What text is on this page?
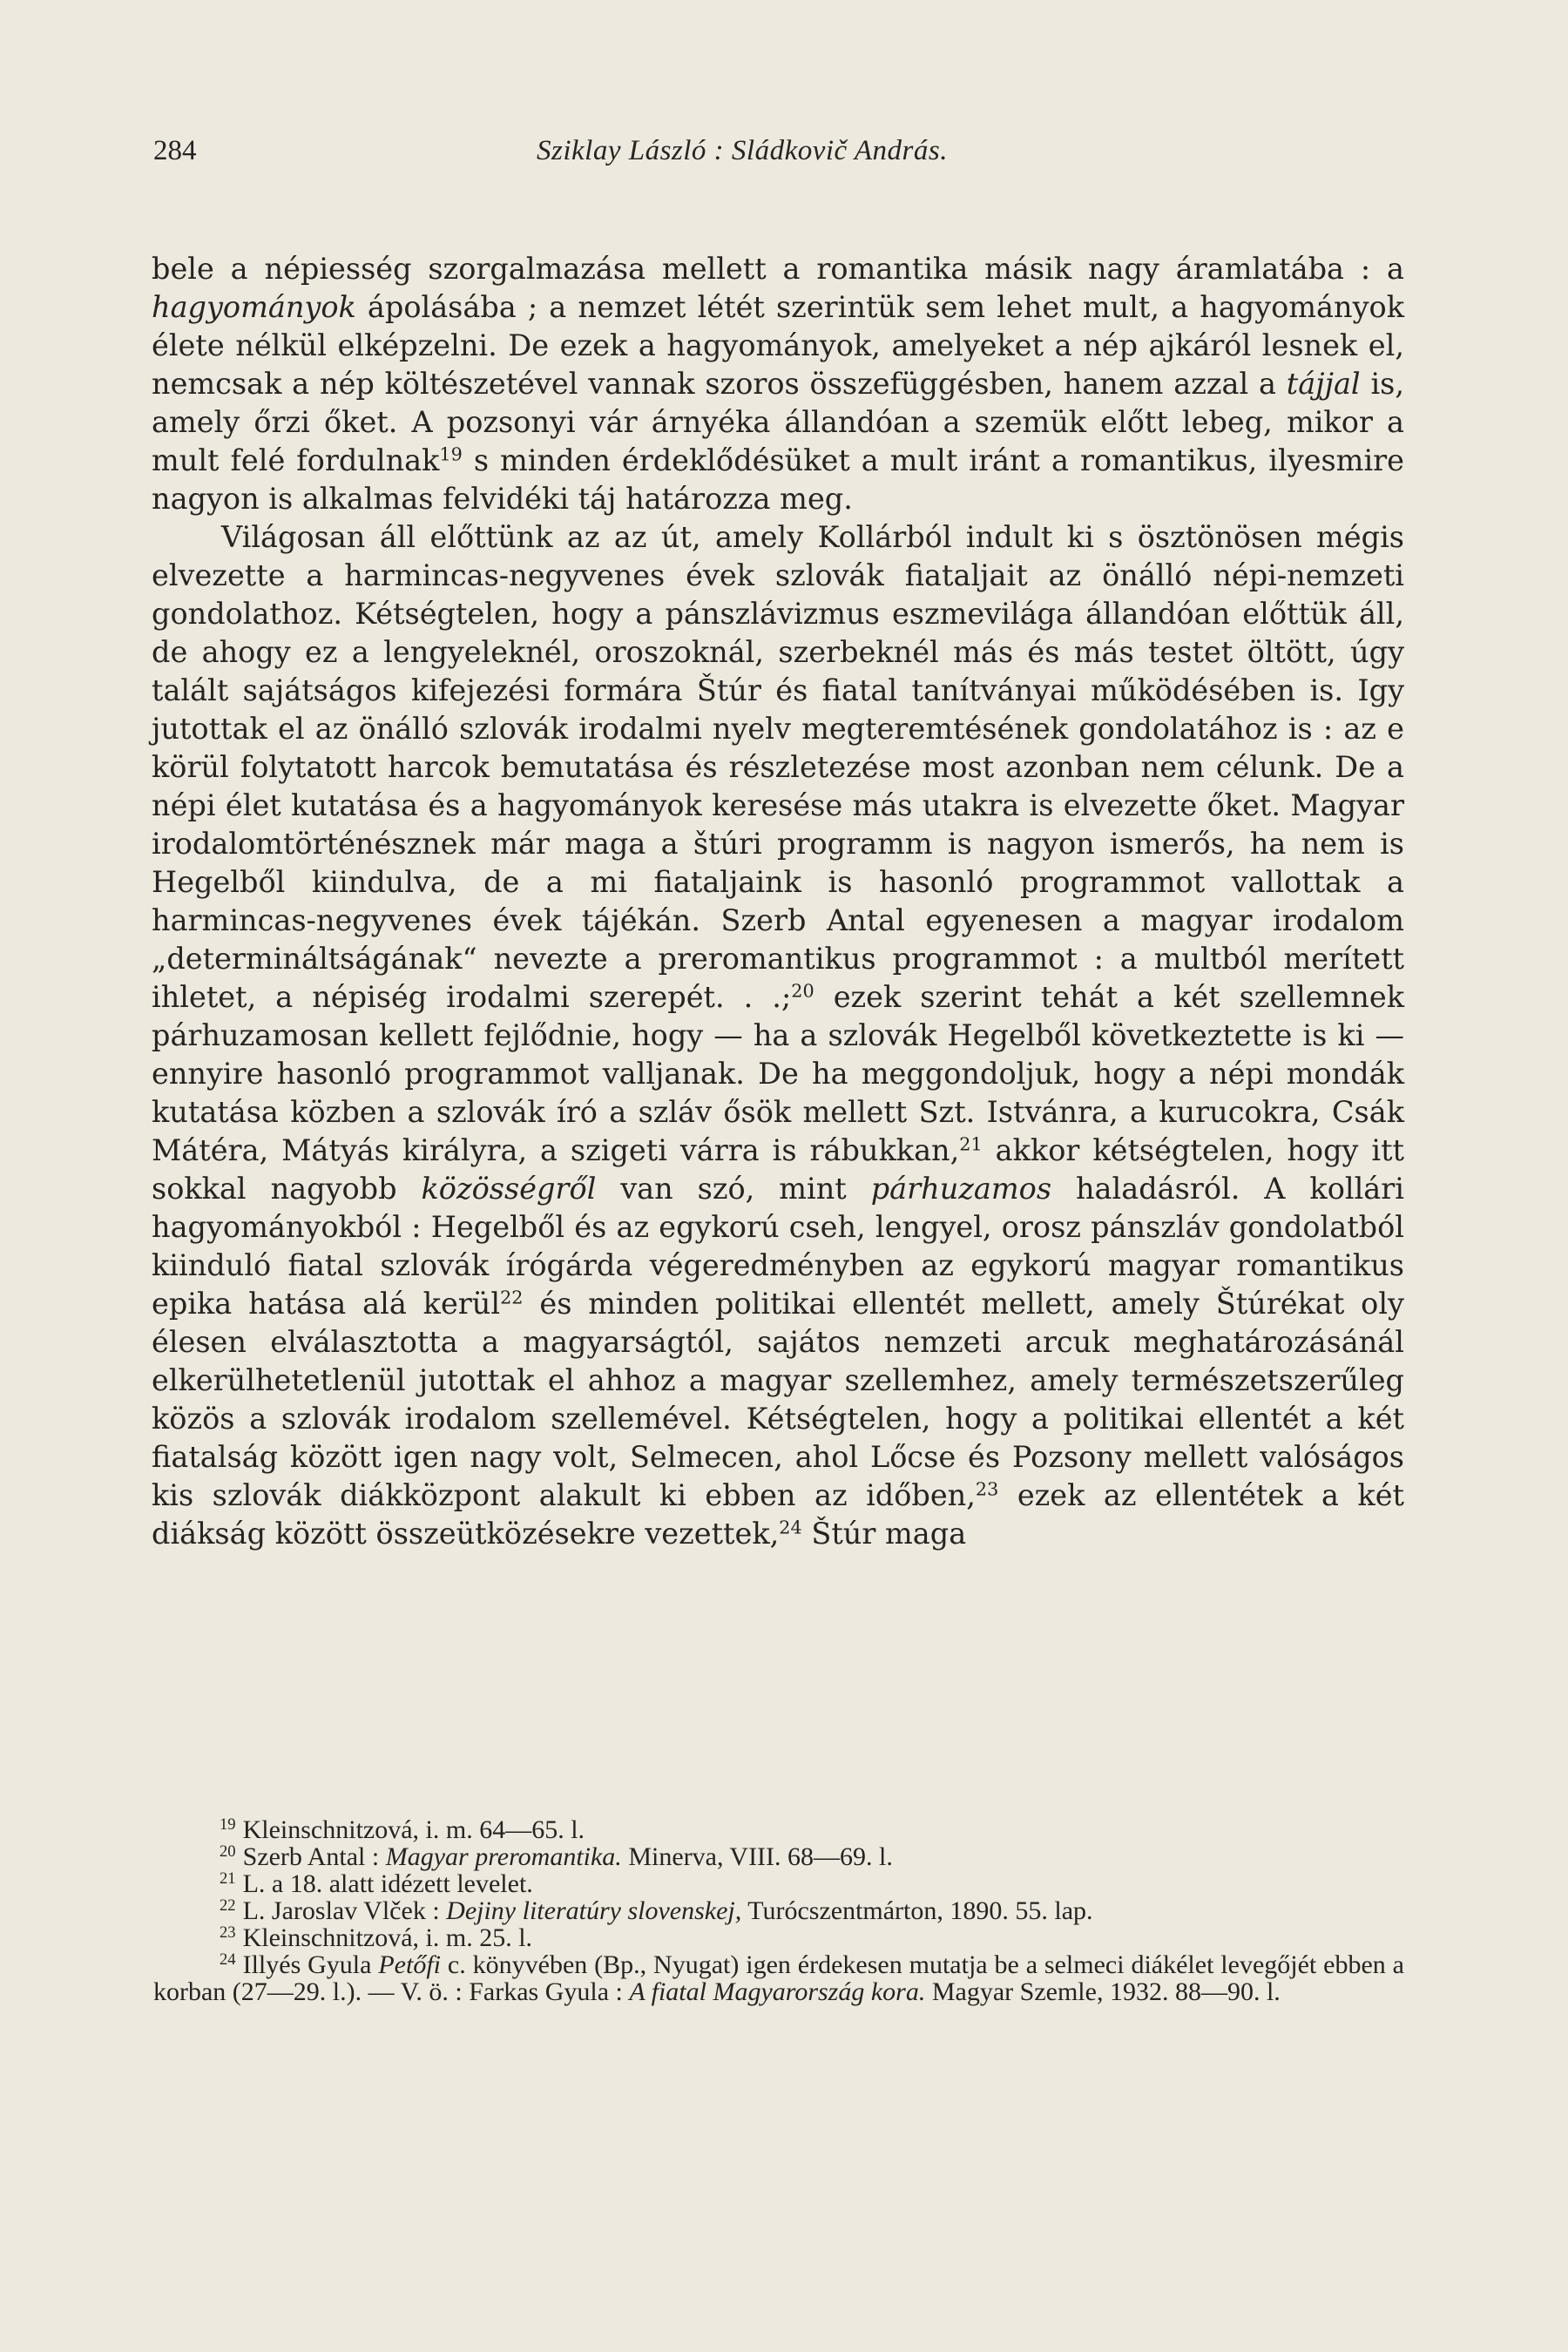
284	Sziklay László : Sládkovič András.

bele a népiesség szorgalmazása mellett a romantika másik nagy áramlatába : a hagyományok ápolásába ; a nemzet létét szerintük sem lehet mult, a hagyományok élete nélkül elképzelni. De ezek a hagyományok, amelyeket a nép ajkáról lesnek el, nemcsak a nép költészetével vannak szoros összefüggésben, hanem azzal a tájjal is, amely őrzi őket. A pozsonyi vár árnyéka állandóan a szemük előtt lebeg, mikor a mult felé fordulnak$^{19}$ s minden érdeklődésüket a mult iránt a romantikus, ilyesmire nagyon is alkalmas felvidéki táj határozza meg.

Világosan áll előttünk az az út, amely Kollárból indult ki s ösztönösen mégis elvezette a harmincas-negyvenes évek szlovák fiataljait az önálló népi-nemzeti gondolathoz. Kétségtelen, hogy a pánszlávizmus eszmevilága állandóan előttük áll, de ahogy ez a lengyeleknél, oroszoknál, szerbeknél más és más testet öltött, úgy talált sajátságos kifejezési formára Štúr és fiatal tanítványai működésében is. Igy jutottak el az önálló szlovák irodalmi nyelv megteremtésének gondolatához is : az e körül folytatott harcok bemutatása és részletezése most azonban nem célunk. De a népi élet kutatása és a hagyományok keresése más utakra is elvezette őket. Magyar irodalomtörténésznek már maga a štúri programm is nagyon ismerős, ha nem is Hegelből kiindulva, de a mi fiataljaink is hasonló programmot vallottak a harmincas-negyvenes évek tájékán. Szerb Antal egyenesen a magyar irodalom „determináltságának“ nevezte a preromantikus programmot : a multból merített ihletet, a népiség irodalmi szerepét. . .;$^{20}$ ezek szerint tehát a két szellemnek párhuzamosan kellett fejlődnie, hogy — ha a szlovák Hegelből következtette is ki — ennyire hasonló programmot valljanak. De ha meggondoljuk, hogy a népi mondák kutatása közben a szlovák író a szláv ősök mellett Szt. Istvánra, a kurucokra, Csák Mátéra, Mátyás királyra, a szigeti várra is rábukkan,$^{21}$ akkor kétségtelen, hogy itt sokkal nagyobb közösségről van szó, mint párhuzamos haladásról. A kollári hagyományokból : Hegelből és az egykorú cseh, lengyel, orosz pánszláv gondolatból kiinduló fiatal szlovák írógárda végeredményben az egykorú magyar romantikus epika hatása alá kerül$^{22}$ és minden politikai ellentét mellett, amely Štúrékat oly élesen elválasztotta a magyarságtól, sajátos nemzeti arcuk meghatározásánál elkerülhetetlenül jutottak el ahhoz a magyar szellemhez, amely természetszerűleg közös a szlovák irodalom szellemével. Kétségtelen, hogy a politikai ellentét a két fiatalság között igen nagy volt, Selmecen, ahol Lőcse és Pozsony mellett valóságos kis szlovák diákközpont alakult ki ebben az időben,$^{23}$ ezek az ellentétek a két diákság között összeütközésekre vezettek,$^{24}$ Štúr maga

$^{19}$ Kleinschnitzová, i. m. 64—65. l.

$^{20}$ Szerb Antal : Magyar preromantika. Minerva, VIII. 68—69. l.

$^{21}$ L. a 18. alatt idézett levelet.

$^{22}$ L. Jaroslav Vlček : Dejiny literatúry slovenskej, Turócszentmárton, 1890. 55. lap.

$^{23}$ Kleinschnitzová, i. m. 25. l.

$^{24}$ Illyés Gyula Petőfi c. könyvében (Bp., Nyugat) igen érdekesen mutatja be a selmeci diákélet levegőjét ebben a korban (27—29. l.). — V. ö. : Farkas Gyula : A fiatal Magyarország kora. Magyar Szemle, 1932. 88—90. l.
